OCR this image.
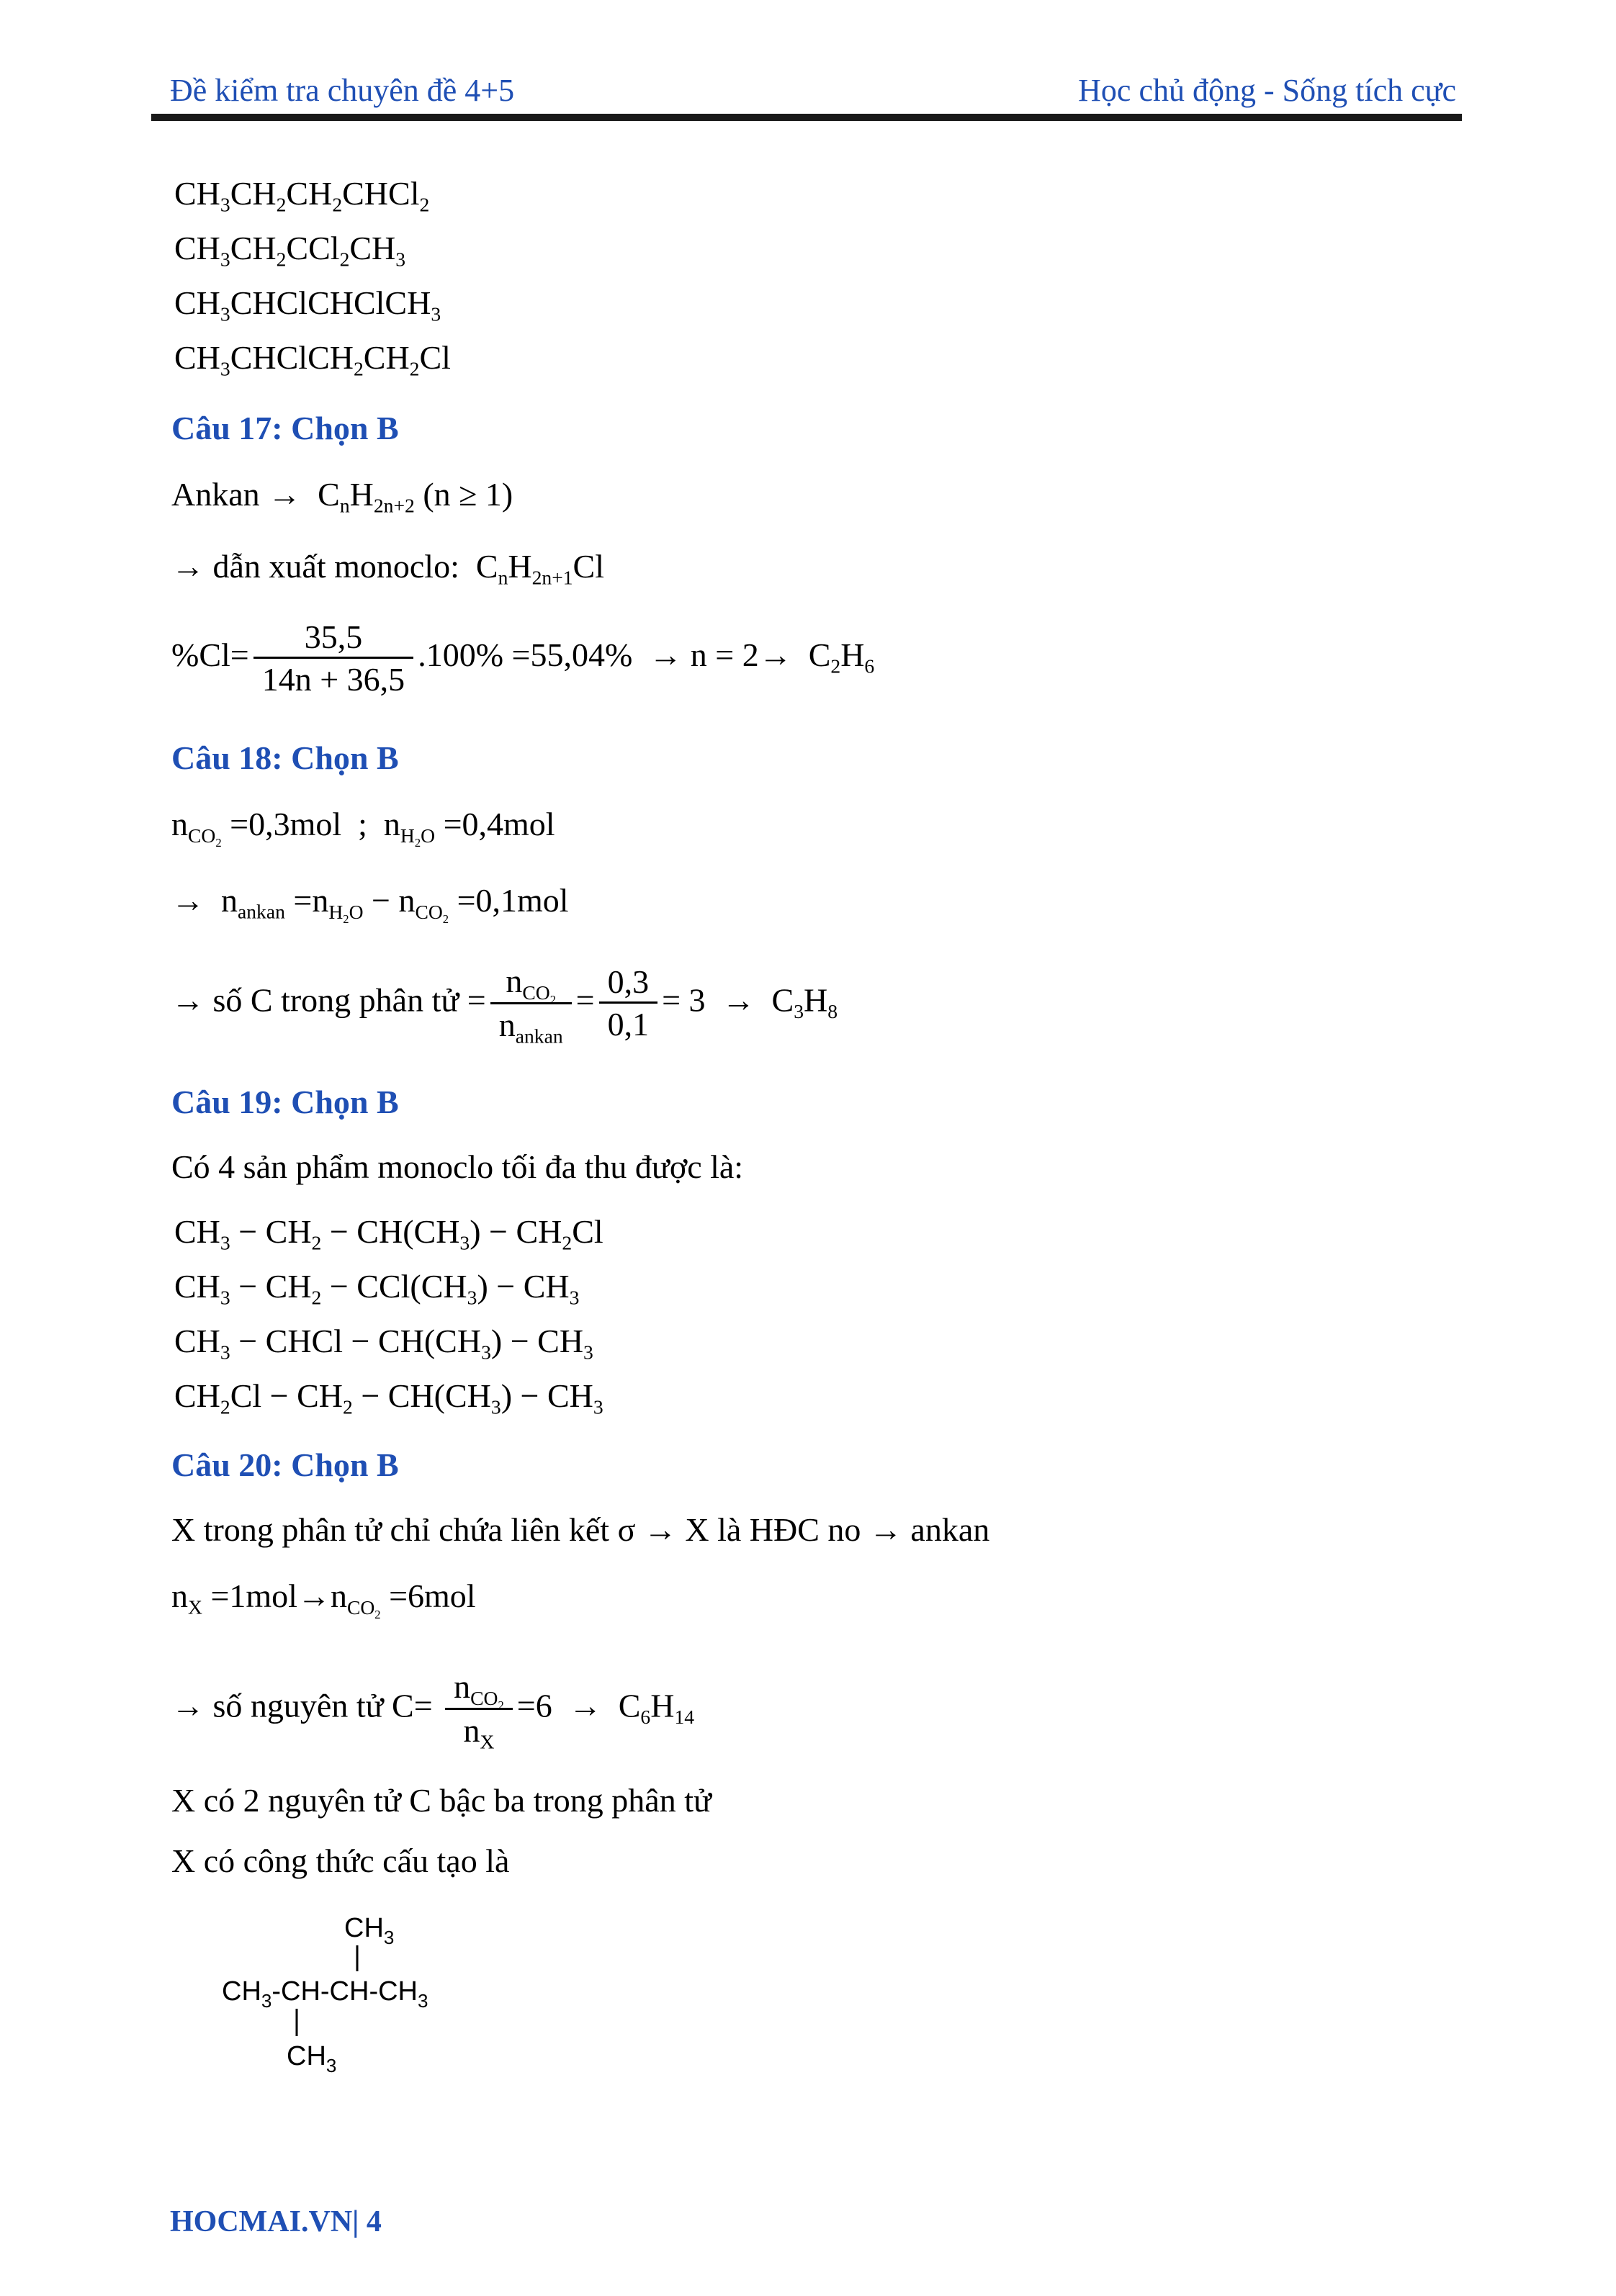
Đề kiểm tra chuyên đề 4+5	Học chủ động - Sống tích cực
$CH_3CH_2CH_2CHCl_2$
$CH_3CH_2CCl_2CH_3$
$CH_3CHClCHClCH_3$
$CH_3CHClCH_2CH_2Cl$
Câu 17: Chọn B
Ankan →  $C_nH_{2n+2}$ (n ≥ 1)
→ dẫn xuất monoclo:  $C_nH_{2n+1}Cl$
$\%Cl= \frac{35,5}{14n + 36,5} .100\% =55,04\% \to n = 2\to C_2H_6$
Câu 18: Chọn B
$n_{CO_2} =0,3mol$  ;  $n_{H_2O} =0,4mol$
→  $n_{ankan} =n_{H_2O} - n_{CO_2} =0,1mol$
→ số C trong phân tử = $\frac{n_{CO_2}}{n_{ankan}} = \frac{0,3}{0,1} = 3 \to C_3H_8$
Câu 19: Chọn B
Có 4 sản phẩm monoclo tối đa thu được là:
$CH_3 - CH_2 - CH(CH_3) - CH_2Cl$
$CH_3 - CH_2 - CCl(CH_3) - CH_3$
$CH_3$ − CHCl − $CH(CH_3) - CH_3$
$CH_2Cl - CH_2 - CH(CH_3) - CH_3$
Câu 20: Chọn B
X trong phân tử chỉ chứa liên kết σ → X là HĐC no → ankan
$n_X =1mol\to n_{CO_2} =6mol$
→ số nguyên tử $C= \frac{n_{CO_2}}{n_X} =6 \to C_6H_{14}$
X có 2 nguyên tử C bậc ba trong phân tử
X có công thức cấu tạo là
$CH_3$
$CH_3-CH-CH-CH_3$
$CH_3$
HOCMAI.VN| 4
